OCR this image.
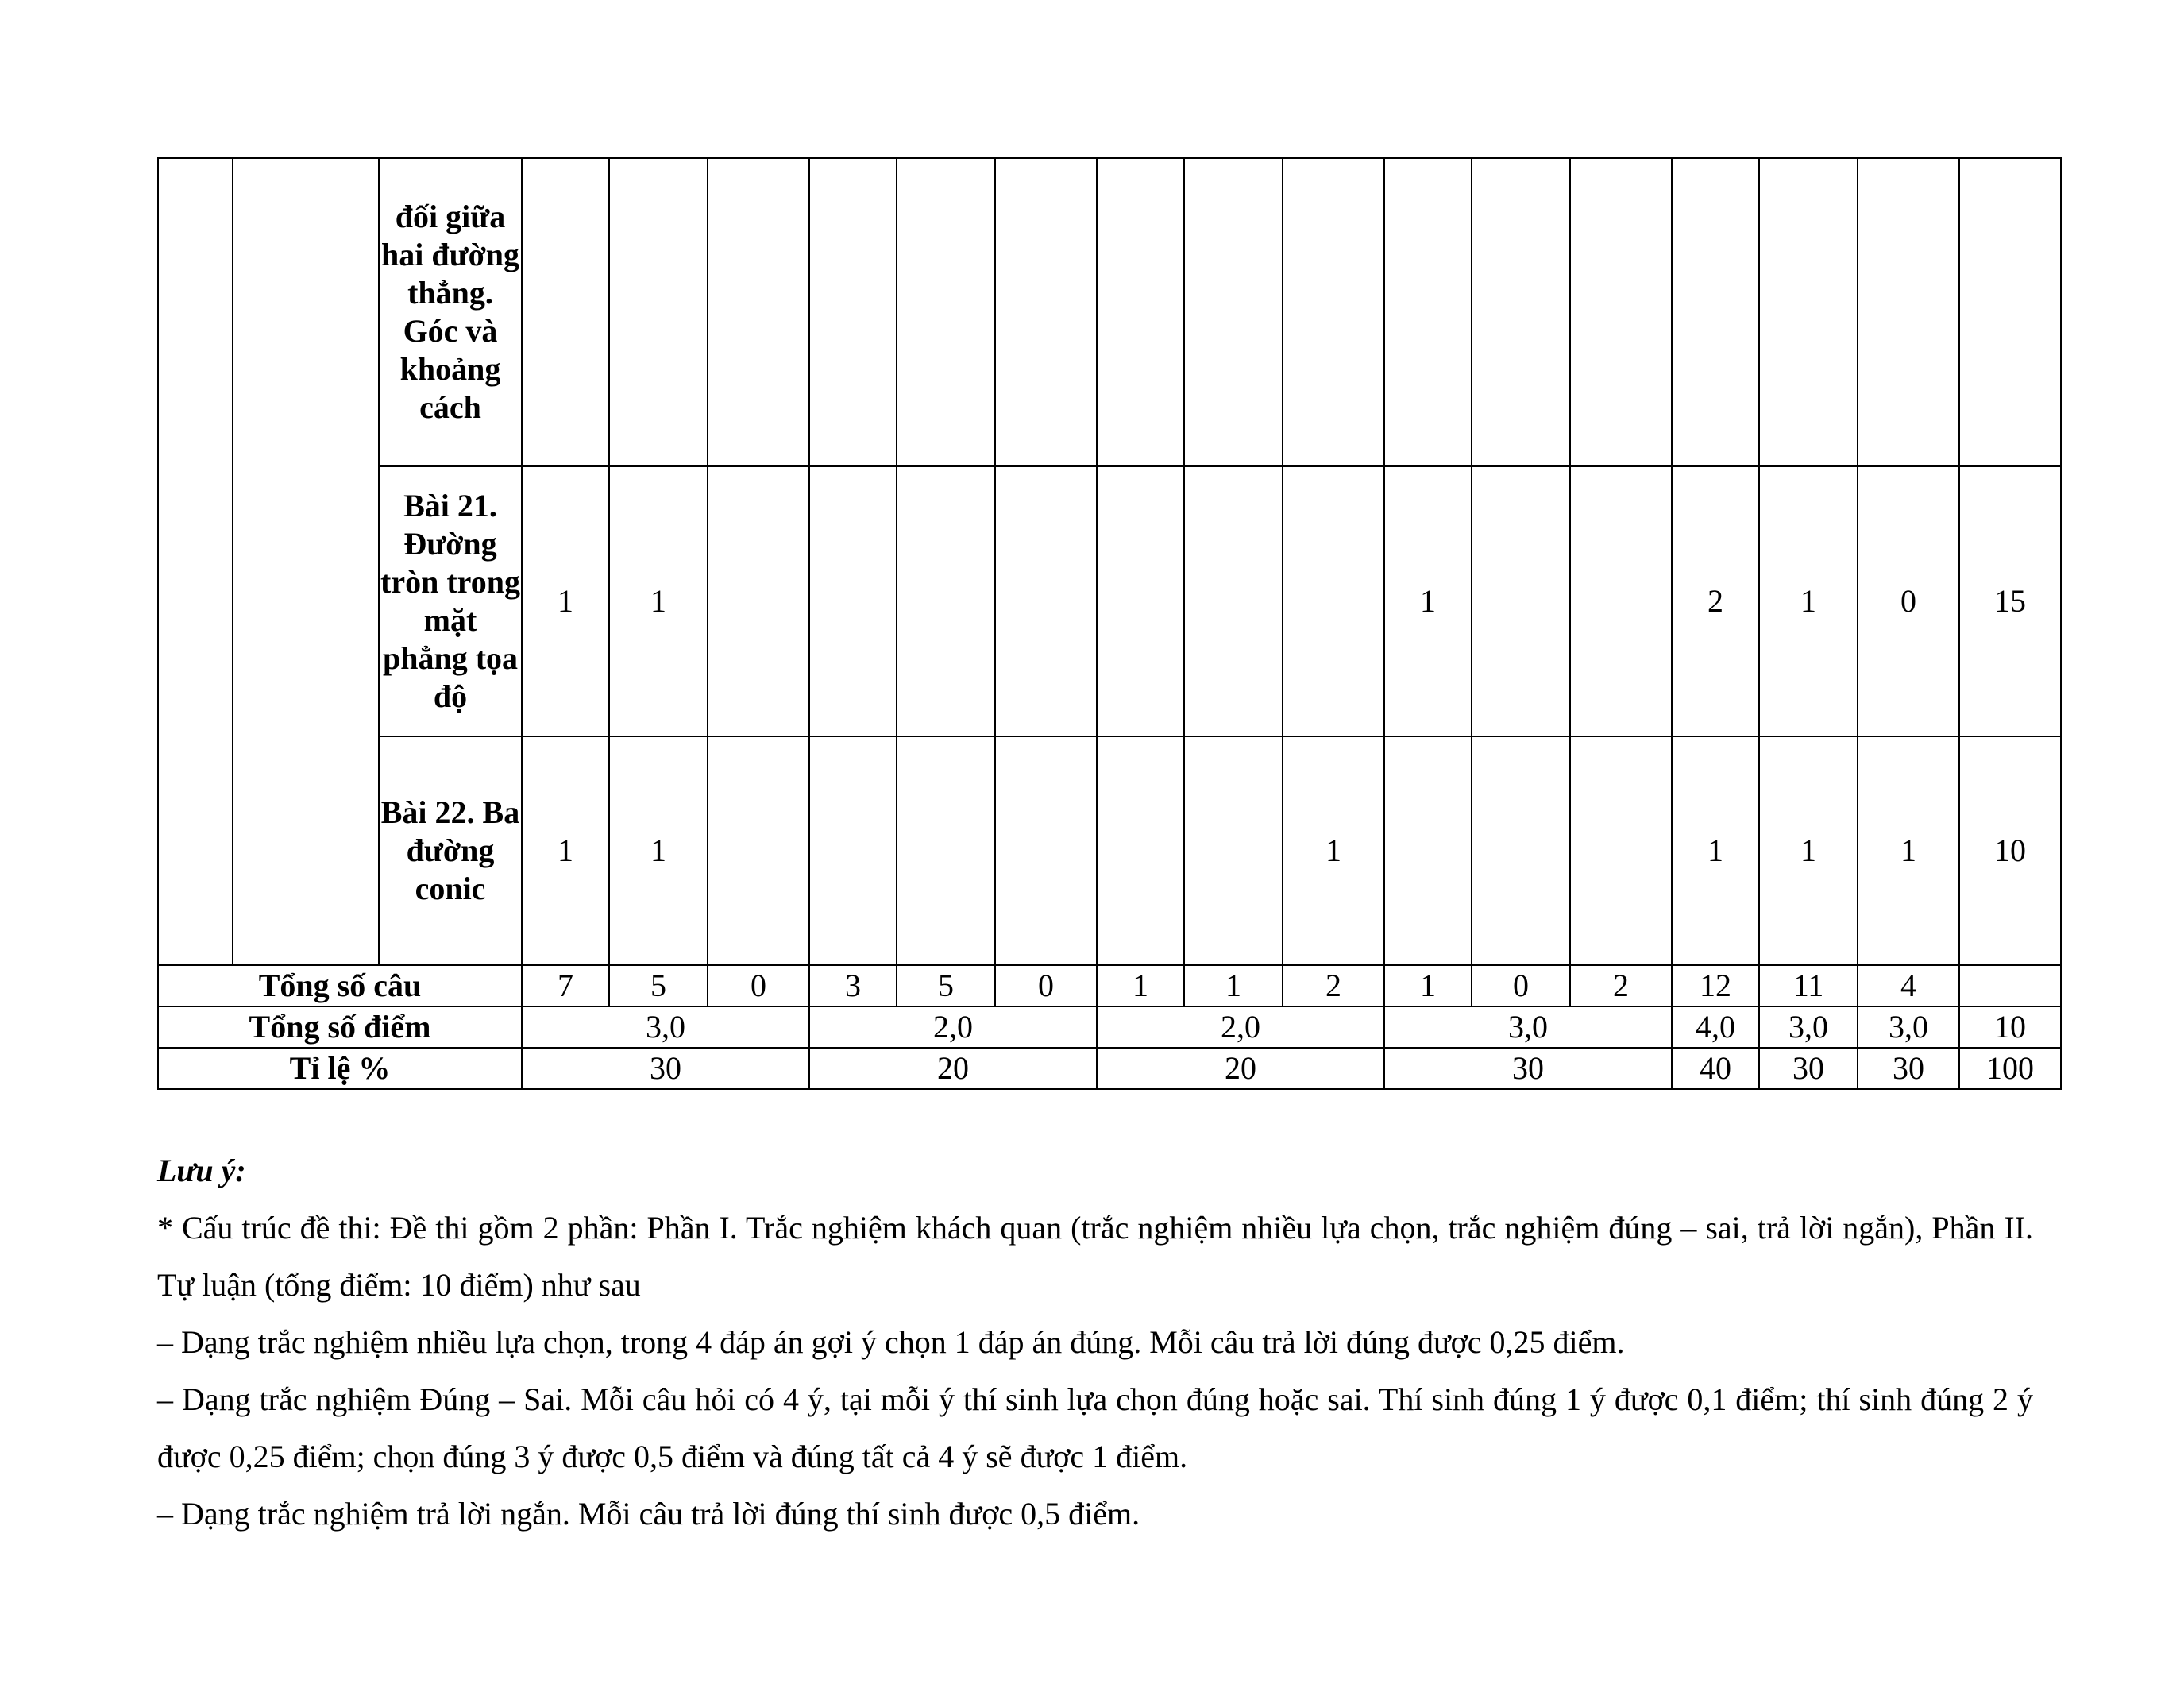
		đối giữa hai đường thẳng. Góc và khoảng cách																
		Bài 21. Đường tròn trong mặt phẳng tọa độ	1	1								1			2	1	0	15
		Bài 22. Ba đường conic	1	1							1				1	1	1	10
Tổng số câu			7	5	0	3	5	0	1	1	2	1	0	2	12	11	4	
Tổng số điểm			3,0			2,0			2,0			3,0			4,0	3,0	3,0	10
Tỉ lệ %			30			20			20			30			40	30	30	100

Lưu ý:

* Cấu trúc đề thi: Đề thi gồm 2 phần: Phần I. Trắc nghiệm khách quan (trắc nghiệm nhiều lựa chọn, trắc nghiệm đúng – sai, trả lời ngắn), Phần II. Tự luận (tổng điểm: 10 điểm) như sau

– Dạng trắc nghiệm nhiều lựa chọn, trong 4 đáp án gợi ý chọn 1 đáp án đúng. Mỗi câu trả lời đúng được 0,25 điểm.

– Dạng trắc nghiệm Đúng – Sai. Mỗi câu hỏi có 4 ý, tại mỗi ý thí sinh lựa chọn đúng hoặc sai. Thí sinh đúng 1 ý được 0,1 điểm; thí sinh đúng 2 ý được 0,25 điểm; chọn đúng 3 ý được 0,5 điểm và đúng tất cả 4 ý sẽ được 1 điểm.

– Dạng trắc nghiệm trả lời ngắn. Mỗi câu trả lời đúng thí sinh được 0,5 điểm.
